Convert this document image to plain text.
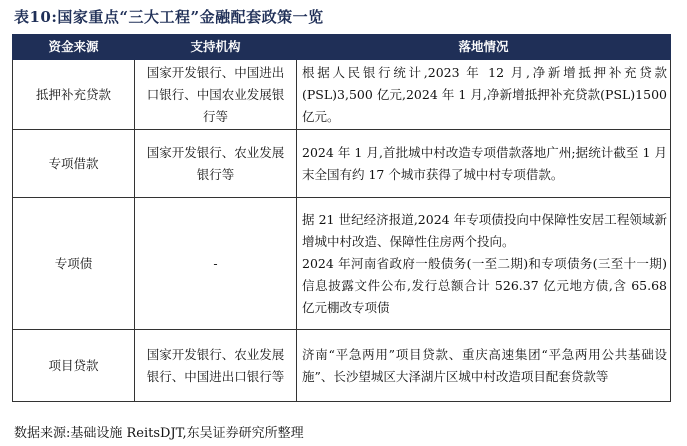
表10:国家重点“三大工程”金融配套政策一览
资金来源	支持机构	落地情况
抵押补充贷款	国家开发银行、中国进出口银行、中国农业发展银行等	根据人民银行统计,2023 年 12 月,净新增抵押补充贷款(PSL)3,500 亿元,2024 年 1 月,净新增抵押补充贷款(PSL)1500 亿元。

专项借款	国家开发银行、农业发展银行等	2024 年 1 月,首批城中村改造专项借款落地广州;据统计截至 1 月末全国有约 17 个城市获得了城中村专项借款。

专项债	-	据 21 世纪经济报道,2024 年专项债投向中保障性安居工程领域新增城中村改造、保障性住房两个投向。
2024 年河南省政府一般债务(一至二期)和专项债务(三至十一期)信息披露文件公布,发行总额合计 526.37 亿元地方债,含 65.68 亿元棚改专项债

项目贷款	国家开发银行、农业发展银行、中国进出口银行等	济南“平急两用”项目贷款、重庆高速集团“平急两用公共基础设施”、长沙望城区大泽湖片区城中村改造项目配套贷款等
数据来源:基础设施 ReitsDJT,东吴证券研究所整理
